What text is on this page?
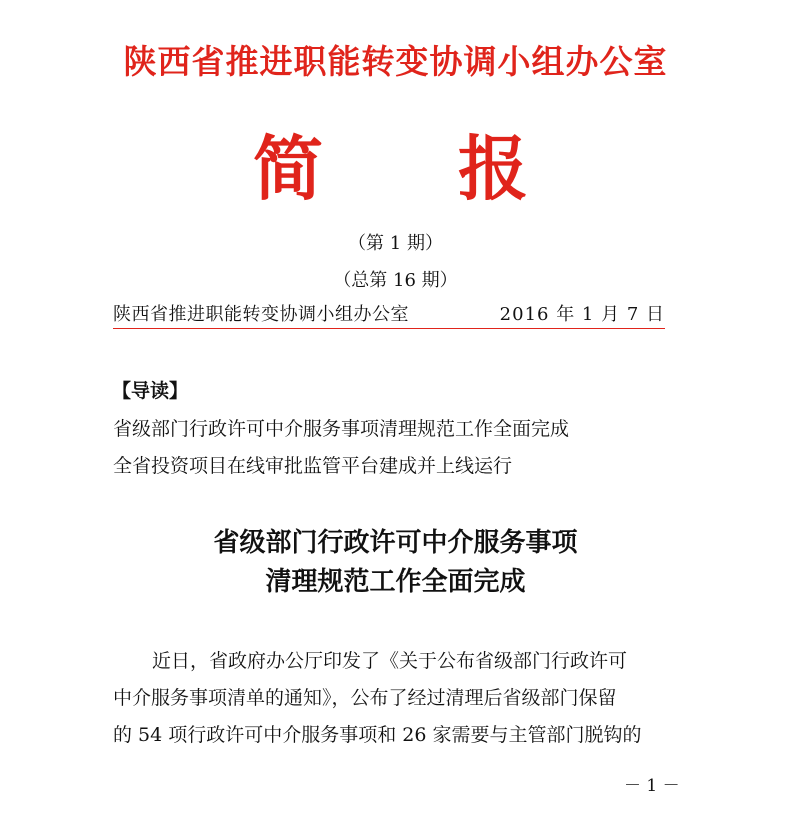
陕西省推进职能转变协调小组办公室
简 报
（第 1 期）
（总第 16 期）
陕西省推进职能转变协调小组办公室	2016 年 1 月 7 日
【导读】
省级部门行政许可中介服务事项清理规范工作全面完成
全省投资项目在线审批监管平台建成并上线运行
省级部门行政许可中介服务事项
清理规范工作全面完成
近日，省政府办公厅印发了《关于公布省级部门行政许可
中介服务事项清单的通知》，公布了经过清理后省级部门保留
的 54 项行政许可中介服务事项和 26 家需要与主管部门脱钩的
－ 1 －
